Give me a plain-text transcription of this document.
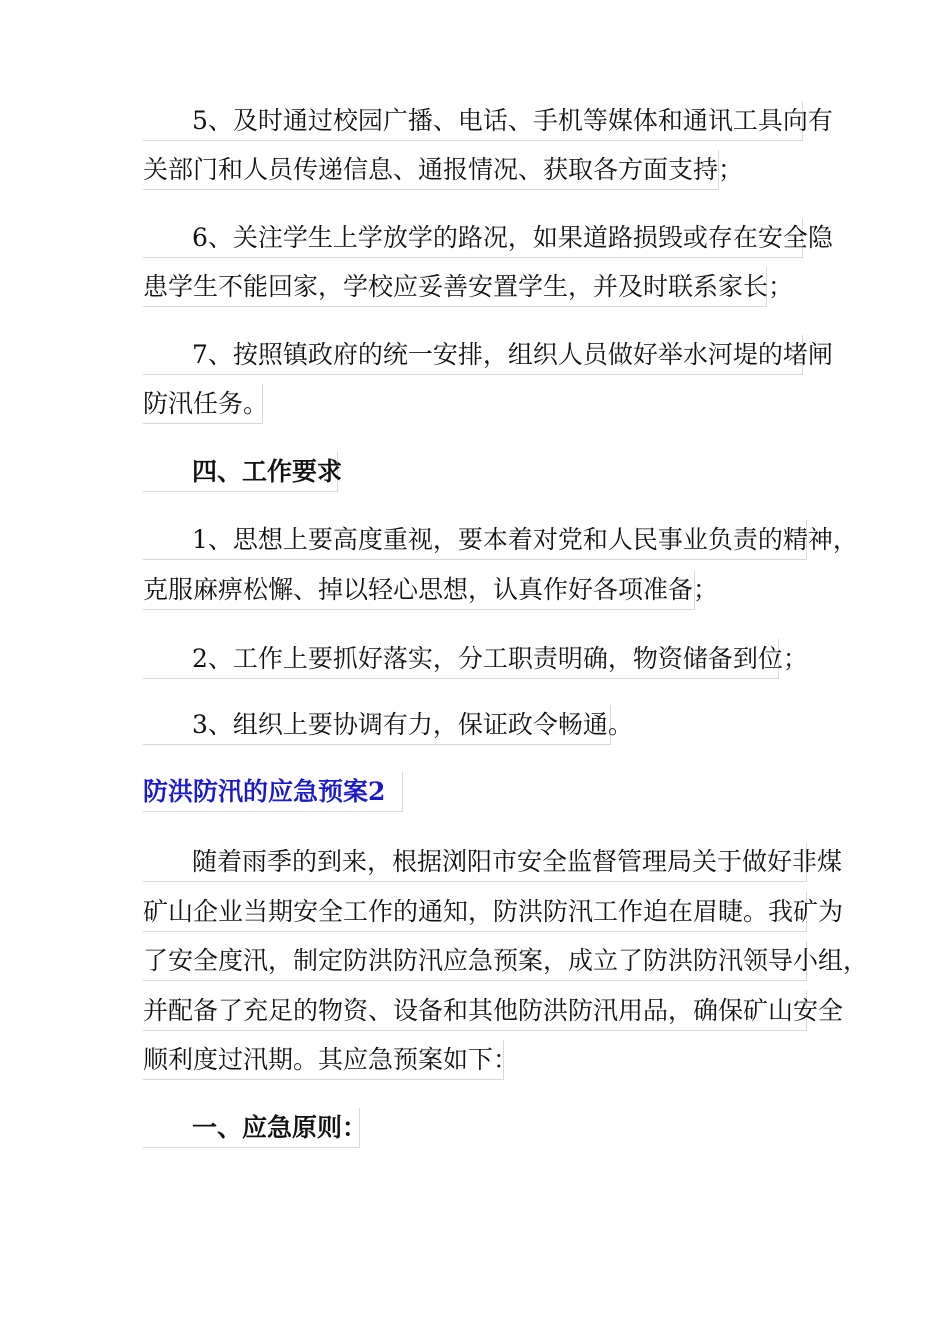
5、及时通过校园广播、电话、手机等媒体和通讯工具向有
关部门和人员传递信息、通报情况、获取各方面支持；
6、关注学生上学放学的路况，如果道路损毁或存在安全隐
患学生不能回家，学校应妥善安置学生，并及时联系家长；
7、按照镇政府的统一安排，组织人员做好举水河堤的堵闸
防汛任务。
四、工作要求
1、思想上要高度重视，要本着对党和人民事业负责的精神，
克服麻痹松懈、掉以轻心思想，认真作好各项准备；
2、工作上要抓好落实，分工职责明确，物资储备到位；
3、组织上要协调有力，保证政令畅通。
防洪防汛的应急预案2
随着雨季的到来，根据浏阳市安全监督管理局关于做好非煤
矿山企业当期安全工作的通知，防洪防汛工作迫在眉睫。我矿为
了安全度汛，制定防洪防汛应急预案，成立了防洪防汛领导小组，
并配备了充足的物资、设备和其他防洪防汛用品，确保矿山安全
顺利度过汛期。其应急预案如下：
一、应急原则：
